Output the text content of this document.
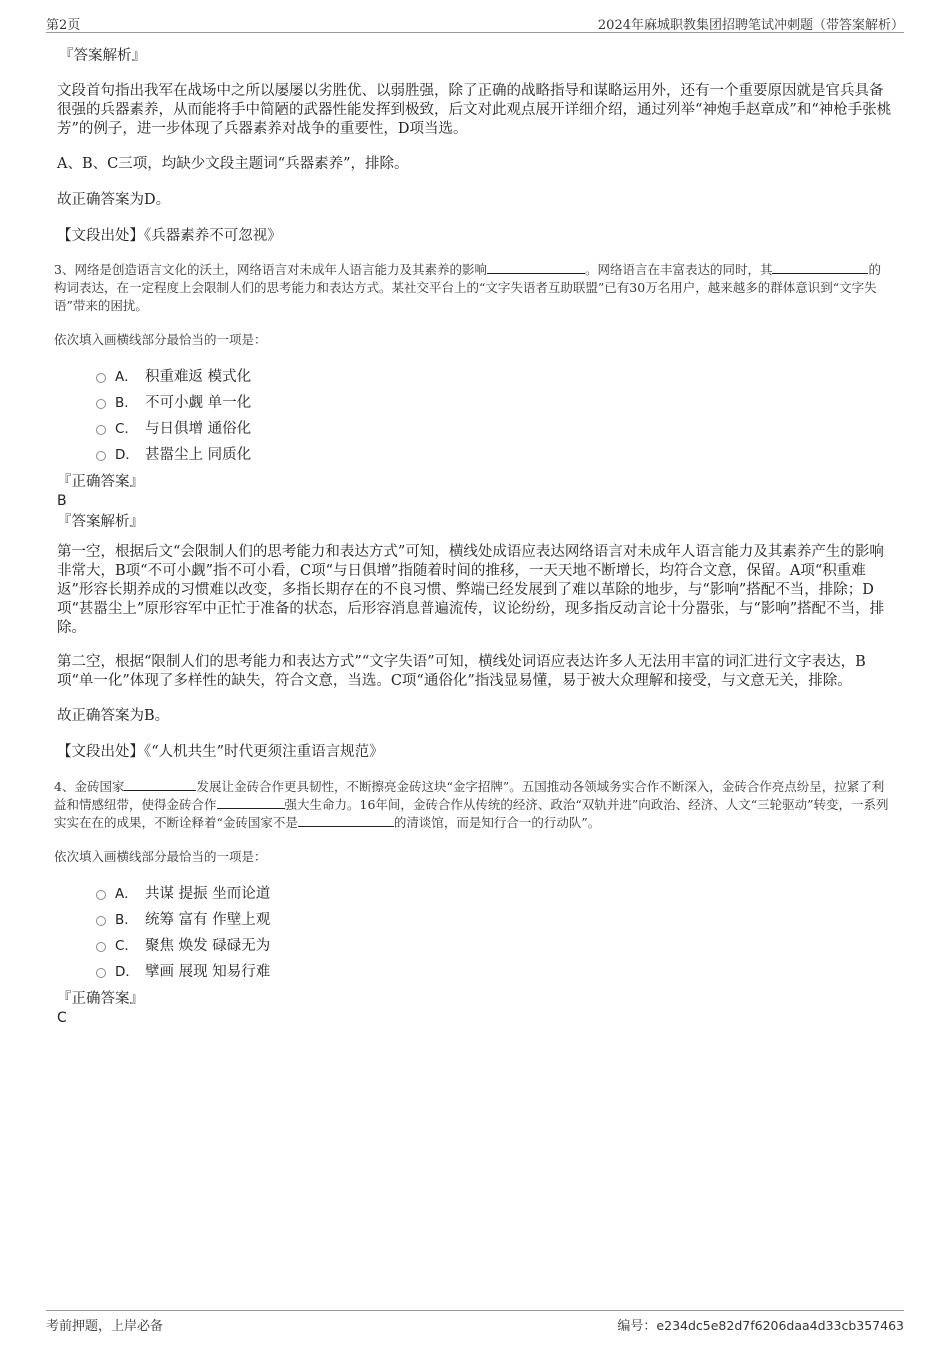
第2页	2024年麻城职教集团招聘笔试冲刺题（带答案解析）

『答案解析』

文段首句指出我军在战场中之所以屡屡以劣胜优、以弱胜强，除了正确的战略指导和谋略运用外，还有一个重要原因就是官兵具备很强的兵器素养，从而能将手中简陋的武器性能发挥到极致，后文对此观点展开详细介绍，通过列举“神炮手赵章成”和“神枪手张桃芳”的例子，进一步体现了兵器素养对战争的重要性，D项当选。

A、B、C三项，均缺少文段主题词“兵器素养”，排除。

故正确答案为D。

【文段出处】《兵器素养不可忽视》

3、网络是创造语言文化的沃土，网络语言对未成年人语言能力及其素养的影响	。网络语言在丰富表达的同时，其	的构词表达，在一定程度上会限制人们的思考能力和表达方式。某社交平台上的“文字失语者互助联盟”已有30万名用户，越来越多的群体意识到“文字失语”带来的困扰。

依次填入画横线部分最恰当的一项是：

A． 积重难返 模式化
B. 不可小觑 单一化
C. 与日俱增 通俗化
D． 甚嚣尘上 同质化

『正确答案』

B

『答案解析』

第一空，根据后文“会限制人们的思考能力和表达方式”可知，横线处成语应表达网络语言对未成年人语言能力及其素养产生的影响非常大，B项“不可小觑”指不可小看，C项“与日俱增”指随着时间的推移，一天天地不断增长，均符合文意，保留。A项“积重难返”形容长期养成的习惯难以改变，多指长期存在的不良习惯、弊端已经发展到了难以革除的地步，与“影响”搭配不当，排除；D项“甚嚣尘上”原形容军中正忙于准备的状态，后形容消息普遍流传，议论纷纷，现多指反动言论十分嚣张，与“影响”搭配不当，排除。

第二空，根据“限制人们的思考能力和表达方式”“文字失语”可知，横线处词语应表达许多人无法用丰富的词汇进行文字表达，B项“单一化”体现了多样性的缺失，符合文意，当选。C项“通俗化”指浅显易懂，易于被大众理解和接受，与文意无关，排除。

故正确答案为B。

【文段出处】《“人机共生”时代更须注重语言规范》

4、金砖国家	发展让金砖合作更具韧性，不断擦亮金砖这块“金字招牌”。五国推动各领域务实合作不断深入，金砖合作亮点纷呈，拉紧了利益和情感纽带，使得金砖合作	强大生命力。16年间，金砖合作从传统的经济、政治“双轨并进”向政治、经济、人文“三轮驱动”转变，一系列实实在在的成果，不断诠释着“金砖国家不是	的清谈馆，而是知行合一的行动队”。

依次填入画横线部分最恰当的一项是：

A． 共谋 提振 坐而论道
B. 统筹 富有 作壁上观
C. 聚焦 焕发 碌碌无为
D． 擘画 展现 知易行难

『正确答案』

C

考前押题，上岸必备	编号：e234dc5e82d7f6206daa4d33cb357463
